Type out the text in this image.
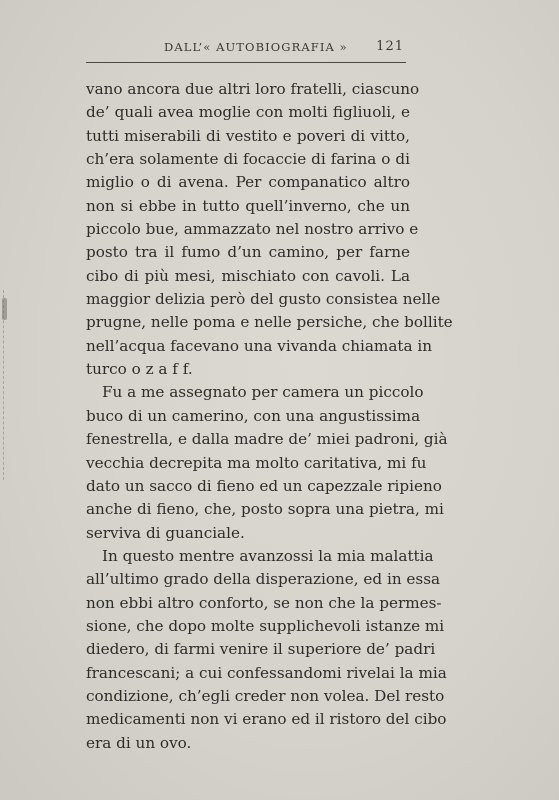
DALL’« AUTOBIOGRAFIA » 121
vano ancora due altri loro fratelli, ciascuno
de’ quali avea moglie con molti figliuoli, e
tutti miserabili di vestito e poveri di vitto,
ch’era solamente di focaccie di farina o di
miglio o di avena. Per companatico altro
non si ebbe in tutto quell’inverno, che un
piccolo bue, ammazzato nel nostro arrivo e
posto tra il fumo d’un camino, per farne
cibo di più mesi, mischiato con cavoli. La
maggior delizia però del gusto consistea nelle
prugne, nelle poma e nelle persiche, che bollite
nell’acqua facevano una vivanda chiamata in
turco o z a f f.
Fu a me assegnato per camera un piccolo
buco di un camerino, con una angustissima
fenestrella, e dalla madre de’ miei padroni, già
vecchia decrepita ma molto caritativa, mi fu
dato un sacco di fieno ed un capezzale ripieno
anche di fieno, che, posto sopra una pietra, mi
serviva di guanciale.
In questo mentre avanzossi la mia malattia
all’ultimo grado della disperazione, ed in essa
non ebbi altro conforto, se non che la permes-
sione, che dopo molte supplichevoli istanze mi
diedero, di farmi venire il superiore de’ padri
francescani; a cui confessandomi rivelai la mia
condizione, ch’egli creder non volea. Del resto
medicamenti non vi erano ed il ristoro del cibo
era di un ovo.
